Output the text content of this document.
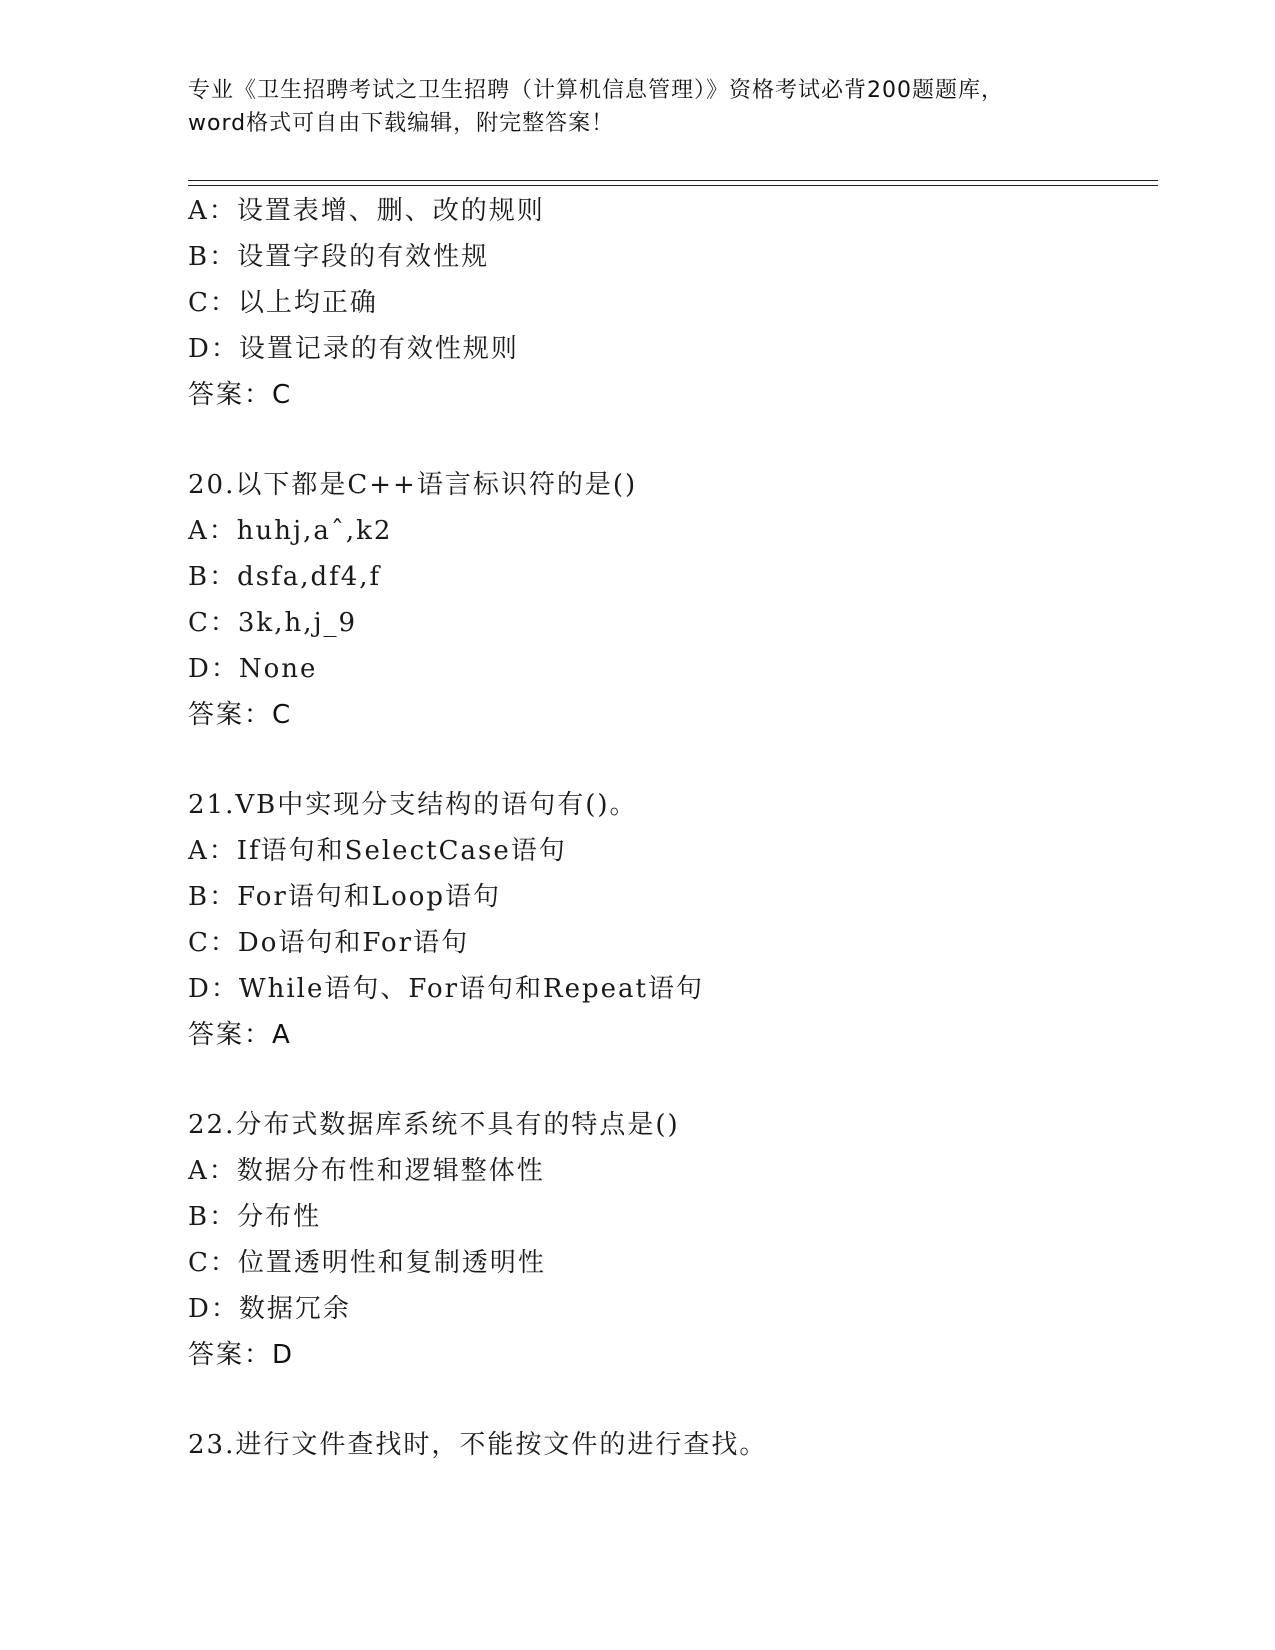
专业《卫生招聘考试之卫生招聘（计算机信息管理）》资格考试必背200题题库，
word格式可自由下载编辑，附完整答案！
A：设置表增、删、改的规则
B：设置字段的有效性规
C：以上均正确
D：设置记录的有效性规则
答案：C
20.以下都是C++语言标识符的是()
A：huhj,aˆ,k2
B：dsfa,df4,f
C：3k,h,j_9
D：None
答案：C
21.VB中实现分支结构的语句有()。
A：If语句和SelectCase语句
B：For语句和Loop语句
C：Do语句和For语句
D：While语句、For语句和Repeat语句
答案：A
22.分布式数据库系统不具有的特点是()
A：数据分布性和逻辑整体性
B：分布性
C：位置透明性和复制透明性
D：数据冗余
答案：D
23.进行文件查找时，不能按文件的进行查找。
